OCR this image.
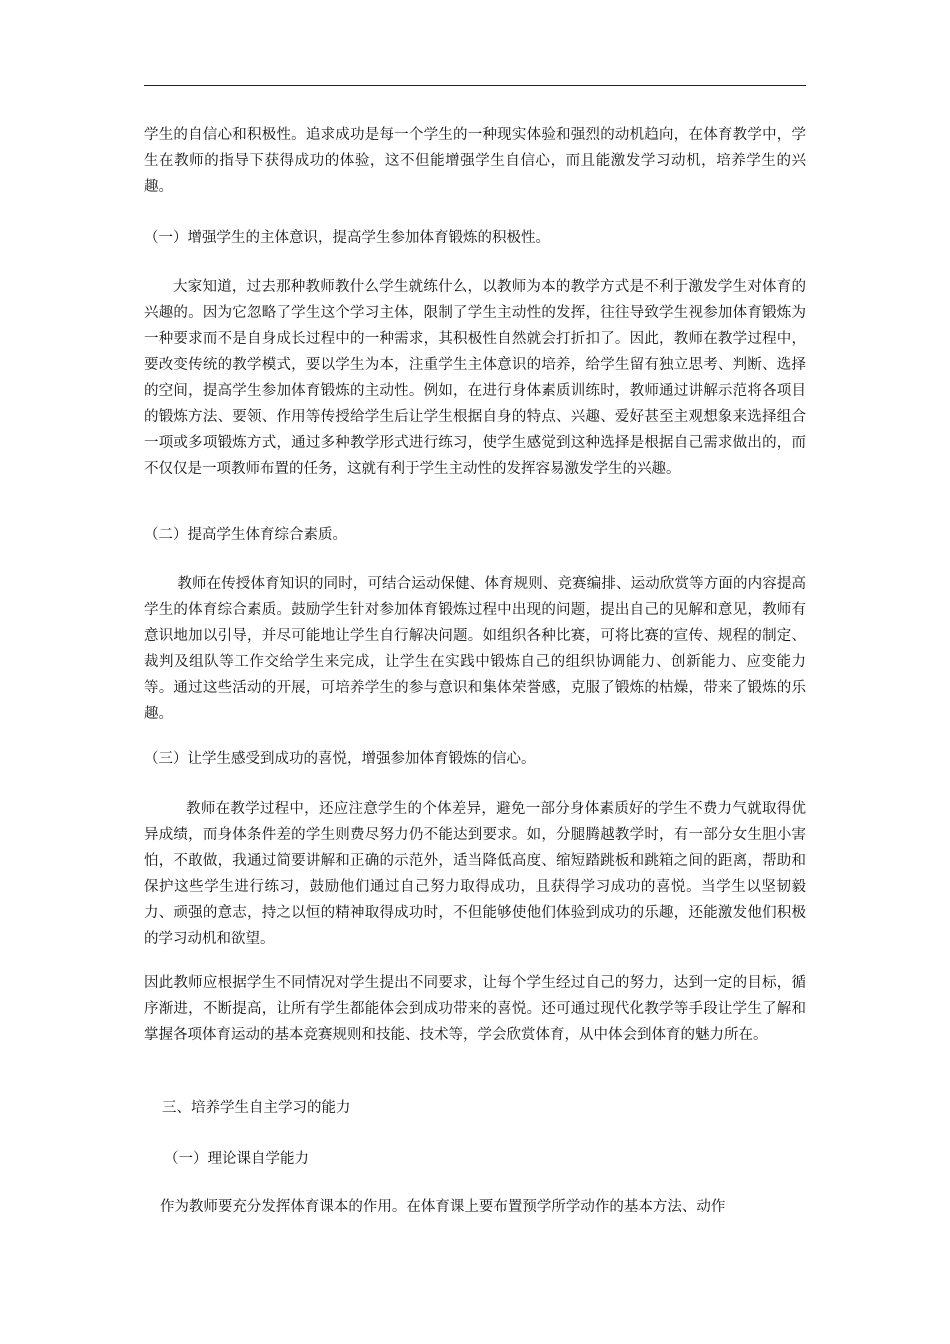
学生的自信心和积极性。追求成功是每一个学生的一种现实体验和强烈的动机趋向，在体育教学中，学生在教师的指导下获得成功的体验，这不但能增强学生自信心，而且能激发学习动机，培养学生的兴趣。

（一）增强学生的主体意识，提高学生参加体育锻炼的积极性。

大家知道，过去那种教师教什么学生就练什么，以教师为本的教学方式是不利于激发学生对体育的兴趣的。因为它忽略了学生这个学习主体，限制了学生主动性的发挥，往往导致学生视参加体育锻炼为一种要求而不是自身成长过程中的一种需求，其积极性自然就会打折扣了。因此，教师在教学过程中，要改变传统的教学模式，要以学生为本，注重学生主体意识的培养，给学生留有独立思考、判断、选择的空间，提高学生参加体育锻炼的主动性。例如，在进行身体素质训练时，教师通过讲解示范将各项目的锻炼方法、要领、作用等传授给学生后让学生根据自身的特点、兴趣、爱好甚至主观想象来选择组合一项或多项锻炼方式，通过多种教学形式进行练习，使学生感觉到这种选择是根据自己需求做出的，而不仅仅是一项教师布置的任务，这就有利于学生主动性的发挥容易激发学生的兴趣。

（二）提高学生体育综合素质。

教师在传授体育知识的同时，可结合运动保健、体育规则、竞赛编排、运动欣赏等方面的内容提高学生的体育综合素质。鼓励学生针对参加体育锻炼过程中出现的问题，提出自己的见解和意见，教师有意识地加以引导，并尽可能地让学生自行解决问题。如组织各种比赛，可将比赛的宣传、规程的制定、裁判及组队等工作交给学生来完成，让学生在实践中锻炼自己的组织协调能力、创新能力、应变能力等。通过这些活动的开展，可培养学生的参与意识和集体荣誉感，克服了锻炼的枯燥，带来了锻炼的乐趣。

（三）让学生感受到成功的喜悦，增强参加体育锻炼的信心。

教师在教学过程中，还应注意学生的个体差异，避免一部分身体素质好的学生不费力气就取得优异成绩，而身体条件差的学生则费尽努力仍不能达到要求。如，分腿腾越教学时，有一部分女生胆小害怕，不敢做，我通过简要讲解和正确的示范外，适当降低高度、缩短踏跳板和跳箱之间的距离，帮助和保护这些学生进行练习，鼓励他们通过自己努力取得成功，且获得学习成功的喜悦。当学生以坚韧毅力、顽强的意志，持之以恒的精神取得成功时，不但能够使他们体验到成功的乐趣，还能激发他们积极的学习动机和欲望。

因此教师应根据学生不同情况对学生提出不同要求，让每个学生经过自己的努力，达到一定的目标，循序渐进，不断提高，让所有学生都能体会到成功带来的喜悦。还可通过现代化教学等手段让学生了解和掌握各项体育运动的基本竞赛规则和技能、技术等，学会欣赏体育，从中体会到体育的魅力所在。

三、培养学生自主学习的能力

（一）理论课自学能力

作为教师要充分发挥体育课本的作用。在体育课上要布置预学所学动作的基本方法、动作
